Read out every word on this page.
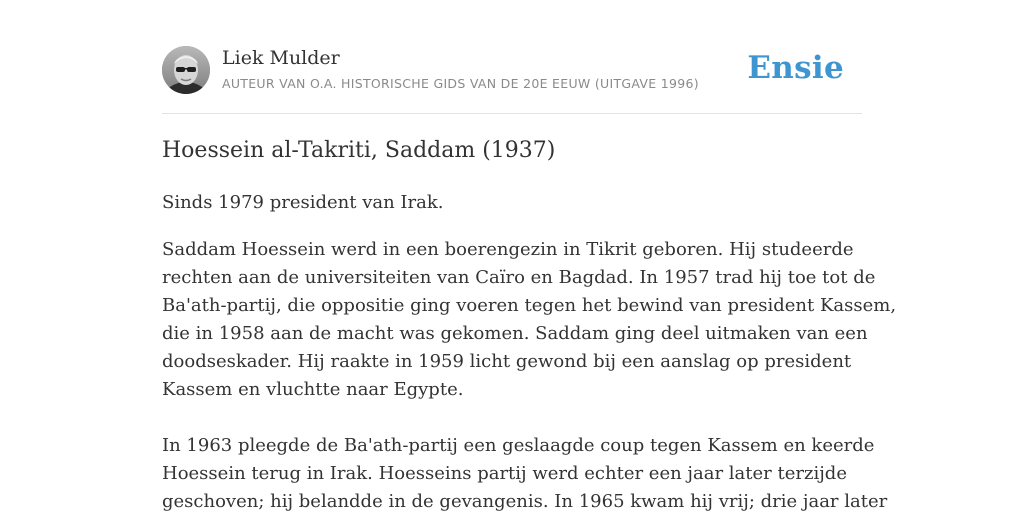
Liek Mulder
AUTEUR VAN O.A. HISTORISCHE GIDS VAN DE 20E EEUW (UITGAVE 1996) Ensie
Hoessein al-Takriti, Saddam (1937)

Sinds 1979 president van Irak.

Saddam Hoessein werd in een boerengezin in Tikrit geboren. Hij studeerde

rechten aan de universiteiten van Caïro en Bagdad. In 1957 trad hij toe tot de

Ba'ath-partij, die oppositie ging voeren tegen het bewind van president Kassem,

die in 1958 aan de macht was gekomen. Saddam ging deel uitmaken van een

doodseskader. Hij raakte in 1959 licht gewond bij een aanslag op president

Kassem en vluchtte naar Egypte.

In 1963 pleegde de Ba'ath-partij een geslaagde coup tegen Kassem en keerde

Hoessein terug in Irak. Hoesseins partij werd echter een jaar later terzijde

geschoven; hij belandde in de gevangenis. In 1965 kwam hij vrij; drie jaar later
